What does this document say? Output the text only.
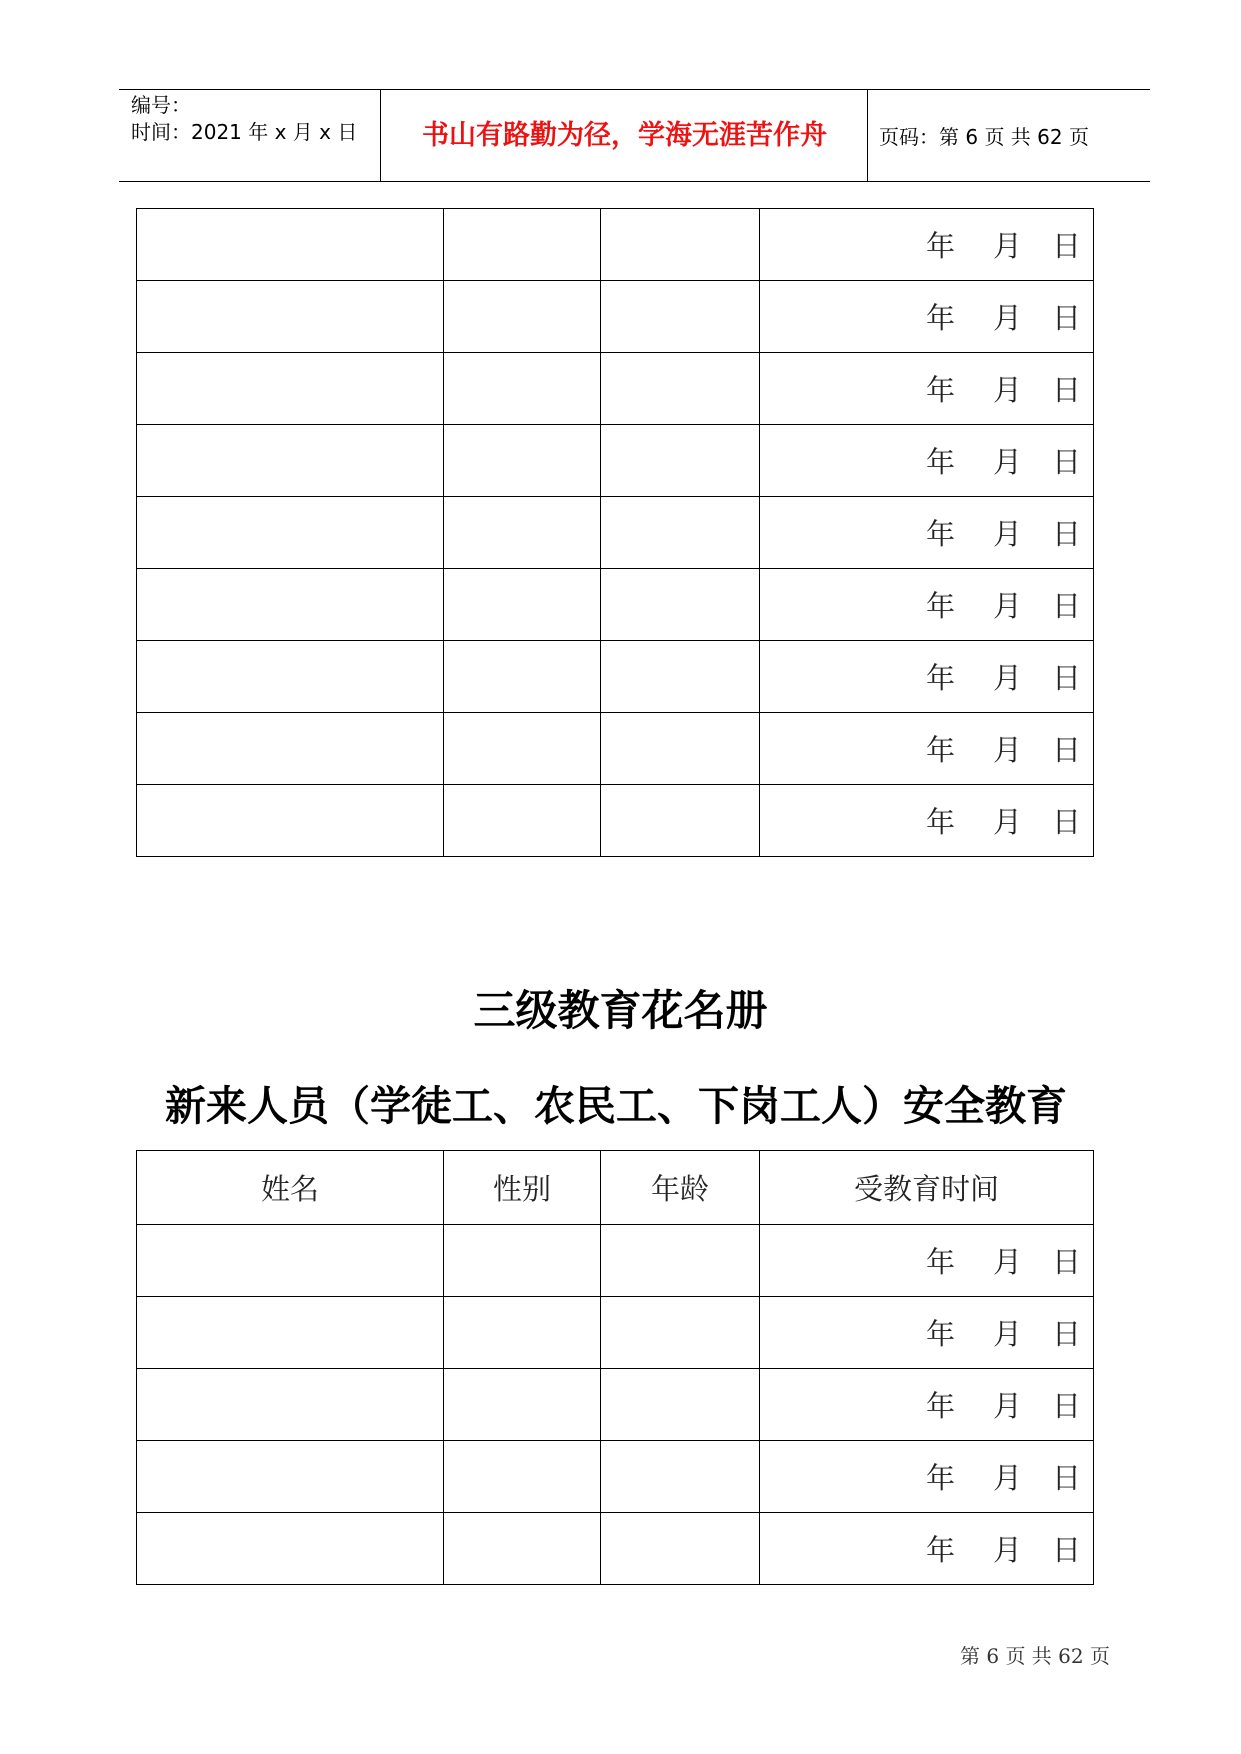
编号：
时间：2021 年 x 月 x 日	书山有路勤为径，学海无涯苦作舟	页码：第 6 页 共 62 页
			年 月 日
			年 月 日
			年 月 日
			年 月 日
			年 月 日
			年 月 日
			年 月 日
			年 月 日
			年 月 日
三级教育花名册
新来人员（学徒工、农民工、下岗工人）安全教育
姓名	性别	年龄	受教育时间
			年 月 日
			年 月 日
			年 月 日
			年 月 日
			年 月 日
第 6 页 共 62 页
